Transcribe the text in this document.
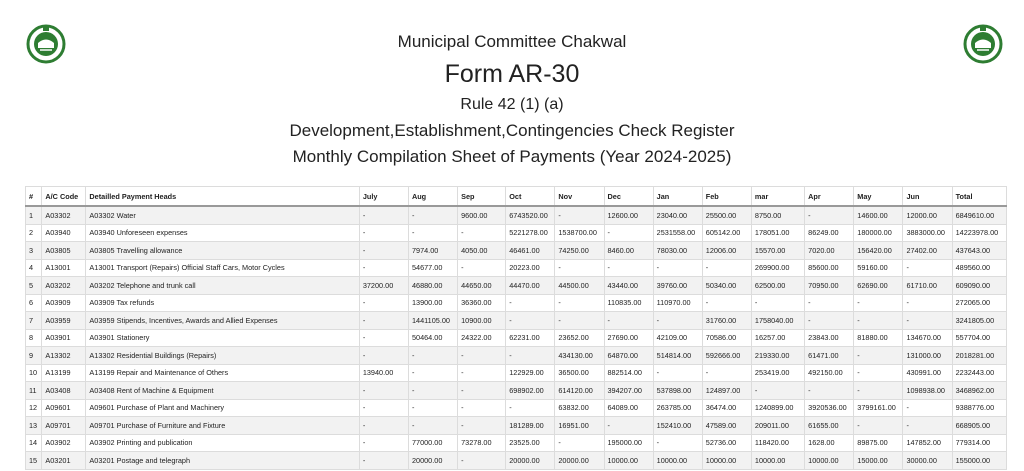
Municipal Committee Chakwal
Form AR-30
Rule 42 (1) (a)
Development,Establishment,Contingencies Check Register
Monthly Compilation Sheet of Payments (Year 2024-2025)
#	A/C Code	Detailled Payment Heads	July	Aug	Sep	Oct	Nov	Dec	Jan	Feb	mar	Apr	May	Jun	Total
1	A03302	A03302 Water	-	-	9600.00	6743520.00	-	12600.00	23040.00	25500.00	8750.00	-	14600.00	12000.00	6849610.00
2	A03940	A03940 Unforeseen expenses	-	-	-	5221278.00	1538700.00	-	2531558.00	605142.00	178051.00	86249.00	180000.00	3883000.00	14223978.00
3	A03805	A03805 Travelling allowance	-	7974.00	4050.00	46461.00	74250.00	8460.00	78030.00	12006.00	15570.00	7020.00	156420.00	27402.00	437643.00
4	A13001	A13001 Transport (Repairs) Official Staff Cars, Motor Cycles	-	54677.00	-	20223.00	-	-	-	-	269900.00	85600.00	59160.00	-	489560.00
5	A03202	A03202 Telephone and trunk call	37200.00	46880.00	44650.00	44470.00	44500.00	43440.00	39760.00	50340.00	62500.00	70950.00	62690.00	61710.00	609090.00
6	A03909	A03909 Tax refunds	-	13900.00	36360.00	-	-	110835.00	110970.00	-	-	-	-	-	272065.00
7	A03959	A03959 Stipends, Incentives, Awards and Allied Expenses	-	1441105.00	10900.00	-	-	-	-	31760.00	1758040.00	-	-	-	3241805.00
8	A03901	A03901 Stationery	-	50464.00	24322.00	62231.00	23652.00	27690.00	42109.00	70586.00	16257.00	23843.00	81880.00	134670.00	557704.00
9	A13302	A13302 Residential Buildings (Repairs)	-	-	-	-	434130.00	64870.00	514814.00	592666.00	219330.00	61471.00	-	131000.00	2018281.00
10	A13199	A13199 Repair and Maintenance of Others	13940.00	-	-	122929.00	36500.00	882514.00	-	-	253419.00	492150.00	-	430991.00	2232443.00
11	A03408	A03408 Rent of Machine & Equipment	-	-	-	698902.00	614120.00	394207.00	537898.00	124897.00	-	-	-	1098938.00	3468962.00
12	A09601	A09601 Purchase of Plant and Machinery	-	-	-	-	63832.00	64089.00	263785.00	36474.00	1240899.00	3920536.00	3799161.00	-	9388776.00
13	A09701	A09701 Purchase of Furniture and Fixture	-	-	-	181289.00	16951.00	-	152410.00	47589.00	209011.00	61655.00	-	-	668905.00
14	A03902	A03902 Printing and publication	-	77000.00	73278.00	23525.00	-	195000.00	-	52736.00	118420.00	1628.00	89875.00	147852.00	779314.00
15	A03201	A03201 Postage and telegraph	-	20000.00	-	20000.00	20000.00	10000.00	10000.00	10000.00	10000.00	10000.00	15000.00	30000.00	155000.00
